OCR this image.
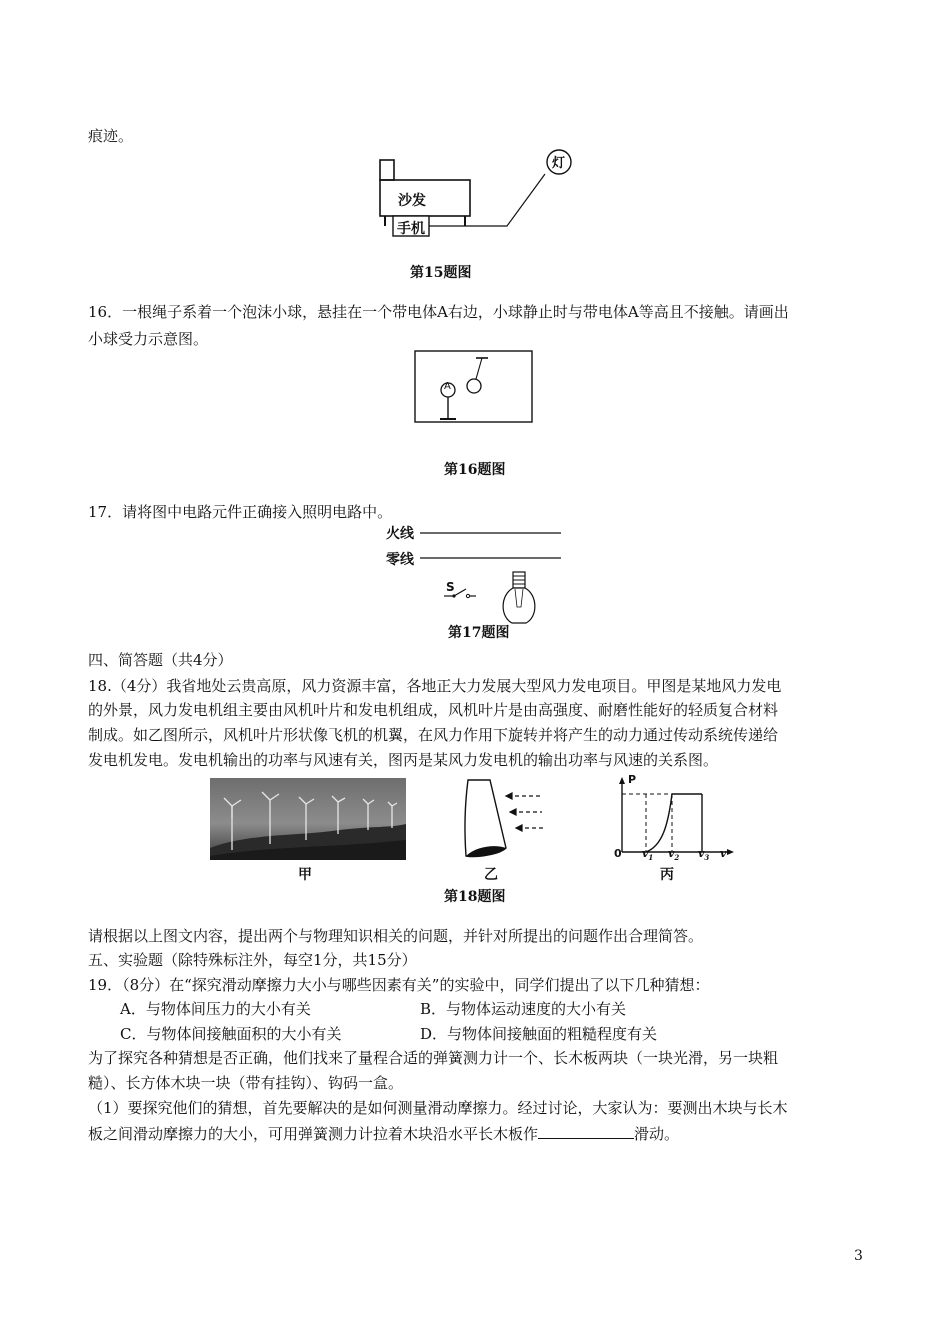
痕迹。
沙发
手机
灯
第15题图
16．一根绳子系着一个泡沫小球，悬挂在一个带电体A右边，小球静止时与带电体A等高且不接触。请画出
小球受力示意图。
A
第16题图
17．请将图中电路元件正确接入照明电路中。
火线
零线
S
第17题图
四、简答题（共4分）
18.（4分）我省地处云贵高原，风力资源丰富，各地正大力发展大型风力发电项目。甲图是某地风力发电
的外景，风力发电机组主要由风机叶片和发电机组成，风机叶片是由高强度、耐磨性能好的轻质复合材料
制成。如乙图所示，风机叶片形状像飞机的机翼，在风力作用下旋转并将产生的动力通过传动系统传递给
发电机发电。发电机输出的功率与风速有关，图丙是某风力发电机的输出功率与风速的关系图。
甲	乙
P
0 $v_1$ $v_2$ $v_3$ v
丙
第18题图
请根据以上图文内容，提出两个与物理知识相关的问题，并针对所提出的问题作出合理简答。
五、实验题（除特殊标注外，每空1分，共15分）
19．（8分）在“探究滑动摩擦力大小与哪些因素有关”的实验中，同学们提出了以下几种猜想：
A．与物体间压力的大小有关	B．与物体运动速度的大小有关
C．与物体间接触面积的大小有关	D．与物体间接触面的粗糙程度有关
为了探究各种猜想是否正确，他们找来了量程合适的弹簧测力计一个、长木板两块（一块光滑，另一块粗
糙）、长方体木块一块（带有挂钩）、钩码一盒。
（1）要探究他们的猜想，首先要解决的是如何测量滑动摩擦力。经过讨论，大家认为：要测出木块与长木
板之间滑动摩擦力的大小，可用弹簧测力计拉着木块沿水平长木板作	滑动。
3
